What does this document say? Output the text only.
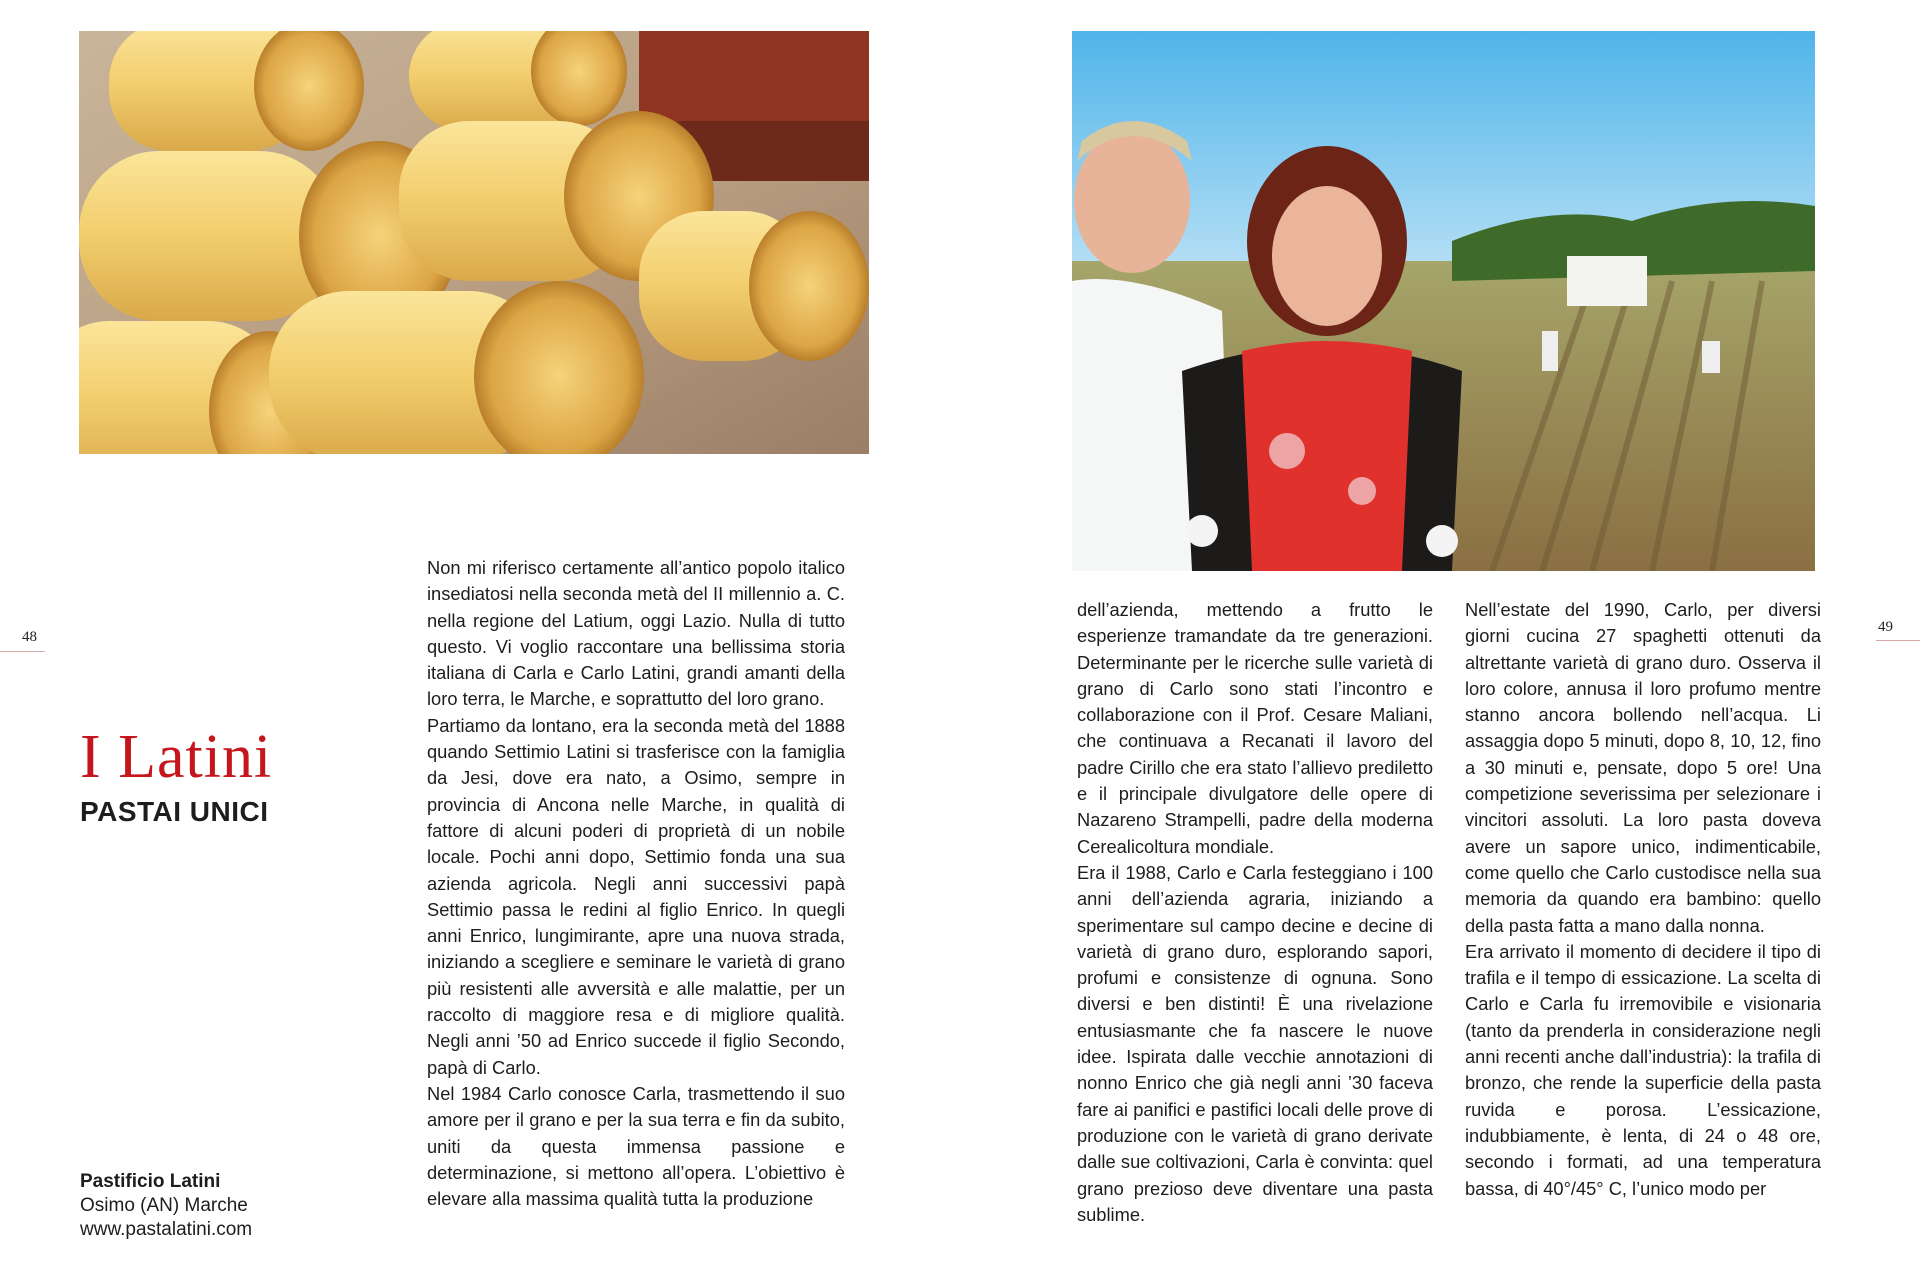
48
49
I Latini
PASTAI UNICI
Pastificio Latini
Osimo (AN) Marche
www.pastalatini.com

Non mi riferisco certamente all’antico popolo italico insediatosi nella seconda metà del II millennio a. C. nella regione del Latium, oggi Lazio. Nulla di tutto questo. Vi voglio raccontare una bellissima storia italiana di Carla e Carlo Latini, grandi amanti della loro terra, le Marche, e soprattutto del loro grano.

Partiamo da lontano, era la seconda metà del 1888 quando Settimio Latini si trasferisce con la famiglia da Jesi, dove era nato, a Osimo, sempre in provincia di Ancona nelle Marche, in qualità di fattore di alcuni poderi di proprietà di un nobile locale. Pochi anni dopo, Settimio fonda una sua azienda agricola. Negli anni successivi papà Settimio passa le redini al figlio Enrico. In quegli anni Enrico, lungimirante, apre una nuova strada, iniziando a scegliere e seminare le varietà di grano più resistenti alle avversità e alle malattie, per un raccolto di maggiore resa e di migliore qualità. Negli anni ’50 ad Enrico succede il figlio Secondo, papà di Carlo.

Nel 1984 Carlo conosce Carla, trasmettendo il suo amore per il grano e per la sua terra e fin da subito, uniti da questa immensa passione e determinazione, si mettono all’opera. L’obiettivo è elevare alla massima qualità tutta la produzione

dell’azienda, mettendo a frutto le esperienze tramandate da tre generazioni. Determinante per le ricerche sulle varietà di grano di Carlo sono stati l’incontro e collaborazione con il Prof. Cesare Maliani, che continuava a Recanati il lavoro del padre Cirillo che era stato l’allievo prediletto e il principale divulgatore delle opere di Nazareno Strampelli, padre della moderna Cerealicoltura mondiale.

Era il 1988, Carlo e Carla festeggiano i 100 anni dell’azienda agraria, iniziando a sperimentare sul campo decine e decine di varietà di grano duro, esplorando sapori, profumi e consistenze di ognuna. Sono diversi e ben distinti! È una rivelazione entusiasmante che fa nascere le nuove idee. Ispirata dalle vecchie annotazioni di nonno Enrico che già negli anni ’30 faceva fare ai panifici e pastifici locali delle prove di produzione con le varietà di grano derivate dalle sue coltivazioni, Carla è convinta: quel grano prezioso deve diventare una pasta sublime.

Nell’estate del 1990, Carlo, per diversi giorni cucina 27 spaghetti ottenuti da altrettante varietà di grano duro. Osserva il loro colore, annusa il loro profumo mentre stanno ancora bollendo nell’acqua. Li assaggia dopo 5 minuti, dopo 8, 10, 12, fino a 30 minuti e, pensate, dopo 5 ore! Una competizione severissima per selezionare i vincitori assoluti. La loro pasta doveva avere un sapore unico, indimenticabile, come quello che Carlo custodisce nella sua memoria da quando era bambino: quello della pasta fatta a mano dalla nonna.

Era arrivato il momento di decidere il tipo di trafila e il tempo di essicazione. La scelta di Carlo e Carla fu irremovibile e visionaria (tanto da prenderla in considerazione negli anni recenti anche dall’industria): la trafila di bronzo, che rende la superficie della pasta ruvida e porosa. L’essicazione, indubbiamente, è lenta, di 24 o 48 ore, secondo i formati, ad una temperatura bassa, di 40°/45° C, l’unico modo per
